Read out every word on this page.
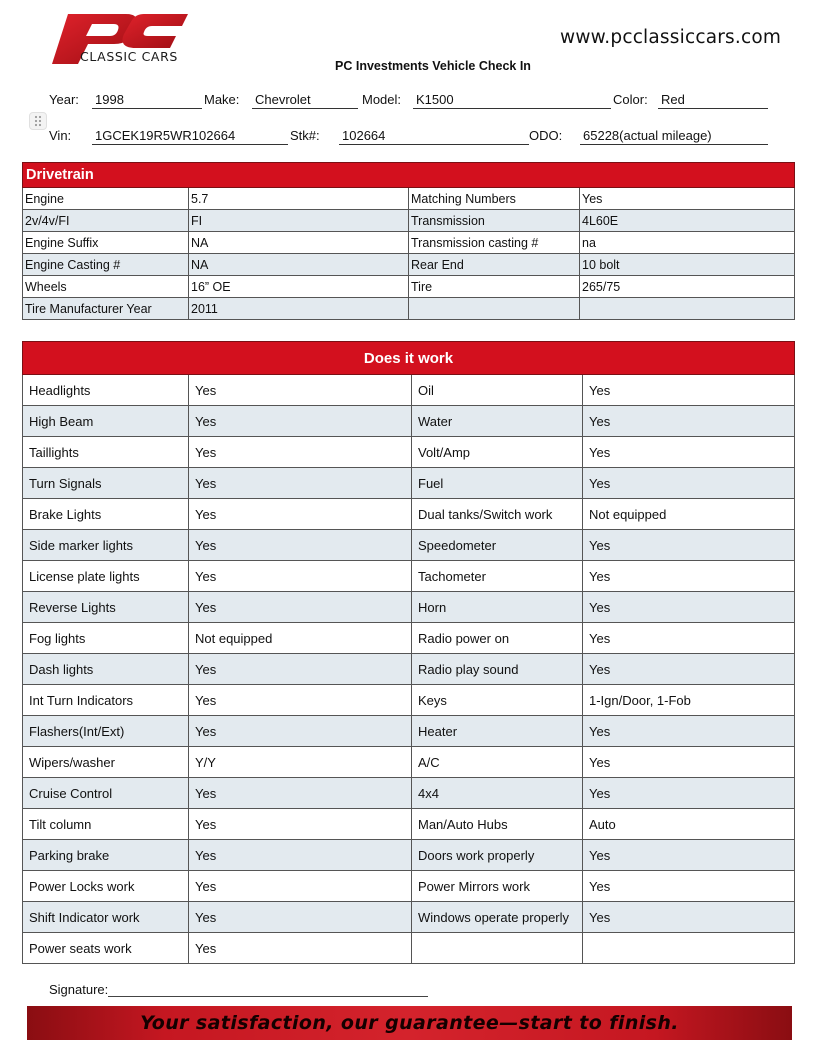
CLASSIC CARS
www.pcclassiccars.com
PC Investments Vehicle Check In
Year: 1998	Make: Chevrolet	Model: K1500	Color: Red
Vin: 1GCEK19R5WR102664	Stk#: 102664	ODO: 65228(actual mileage)
Drivetrain			
Engine	5.7	Matching Numbers	Yes
2v/4v/FI	FI	Transmission	4L60E
Engine Suffix	NA	Transmission casting #	na
Engine Casting #	NA	Rear End	10 bolt
Wheels	16” OE	Tire	265/75
Tire Manufacturer Year	2011		
Does it work			
Headlights	Yes	Oil	Yes
High Beam	Yes	Water	Yes
Taillights	Yes	Volt/Amp	Yes
Turn Signals	Yes	Fuel	Yes
Brake Lights	Yes	Dual tanks/Switch work	Not equipped
Side marker lights	Yes	Speedometer	Yes
License plate lights	Yes	Tachometer	Yes
Reverse Lights	Yes	Horn	Yes
Fog lights	Not equipped	Radio power on	Yes
Dash lights	Yes	Radio play sound	Yes
Int Turn Indicators	Yes	Keys	1-Ign/Door, 1-Fob
Flashers(Int/Ext)	Yes	Heater	Yes
Wipers/washer	Y/Y	A/C	Yes
Cruise Control	Yes	4x4	Yes
Tilt column	Yes	Man/Auto Hubs	Auto
Parking brake	Yes	Doors work properly	Yes
Power Locks work	Yes	Power Mirrors work	Yes
Shift Indicator work	Yes	Windows operate properly	Yes
Power seats work	Yes		
Signature:
Your satisfaction, our guarantee—start to finish.
